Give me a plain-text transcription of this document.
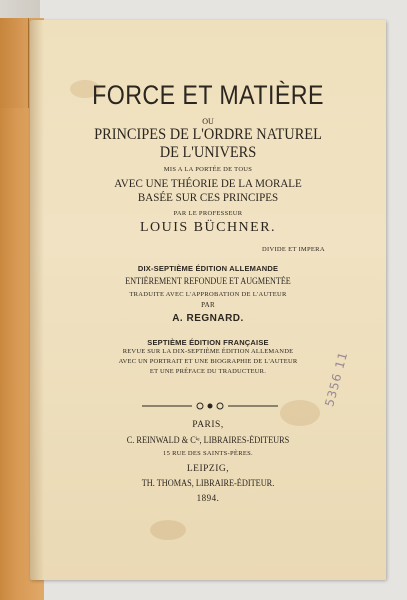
FORCE ET MATIÈRE

OU

PRINCIPES DE L'ORDRE NATUREL

DE L'UNIVERS

MIS A LA PORTÉE DE TOUS

AVEC UNE THÉORIE DE LA MORALE

BASÉE SUR CES PRINCIPES

PAR LE PROFESSEUR

LOUIS BÜCHNER.

DIVIDE ET IMPERA

DIX-SEPTIÈME ÉDITION ALLEMANDE

ENTIÈREMENT REFONDUE ET AUGMENTÉE

TRADUITE AVEC L'APPROBATION DE L'AUTEUR

PAR

A. REGNARD.

SEPTIÈME ÉDITION FRANÇAISE

REVUE SUR LA DIX-SEPTIÈME ÉDITION ALLEMANDE

AVEC UN PORTRAIT ET UNE BIOGRAPHIE DE L'AUTEUR

ET UNE PRÉFACE DU TRADUCTEUR.

PARIS,

C. REINWALD & Cⁱᵉ, LIBRAIRES-ÉDITEURS

15 RUE DES SAINTS-PÈRES.

LEIPZIG,

TH. THOMAS, LIBRAIRE-ÉDITEUR.

1894.

5356 11
